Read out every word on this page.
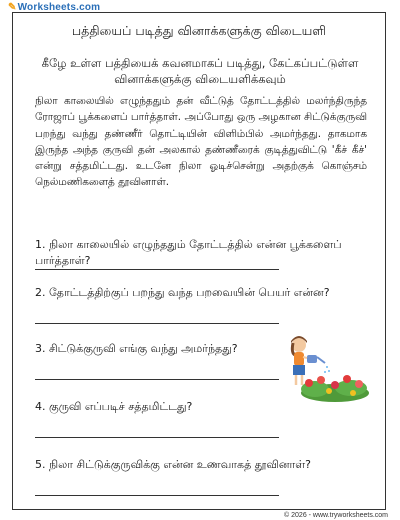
✎Worksheets.com
பத்தியைப் படித்து வினாக்களுக்கு விடையளி
கீழே உள்ள பத்தியைக் கவனமாகப் படித்து, கேட்கப்பட்டுள்ள வினாக்களுக்கு விடையளிக்கவும்
நிலா காலையில் எழுந்ததும் தன் வீட்டுத் தோட்டத்தில் மலர்ந்திருந்த ரோஜாப் பூக்களைப் பார்த்தாள். அப்போது ஒரு அழகான சிட்டுக்குருவி பறந்து வந்து தண்ணீர் தொட்டியின் விளிம்பில் அமர்ந்தது. தாகமாக இருந்த அந்த குருவி தன் அலகால் தண்ணீரைக் குடித்துவிட்டு 'கீச் கீச்' என்று சத்தமிட்டது. உடனே நிலா ஓடிச்சென்று அதற்குக் கொஞ்சம் நெல்மணிகளைத் தூவினாள்.
1. நிலா காலையில் எழுந்ததும் தோட்டத்தில் என்ன பூக்களைப் பார்த்தாள்?
2. தோட்டத்திற்குப் பறந்து வந்த பறவையின் பெயர் என்ன?
3. சிட்டுக்குருவி எங்கு வந்து அமர்ந்தது?
4. குருவி எப்படிச் சத்தமிட்டது?
5. நிலா சிட்டுக்குருவிக்கு என்ன உணவாகத் தூவினாள்?
© 2026 - www.tryworksheets.com
